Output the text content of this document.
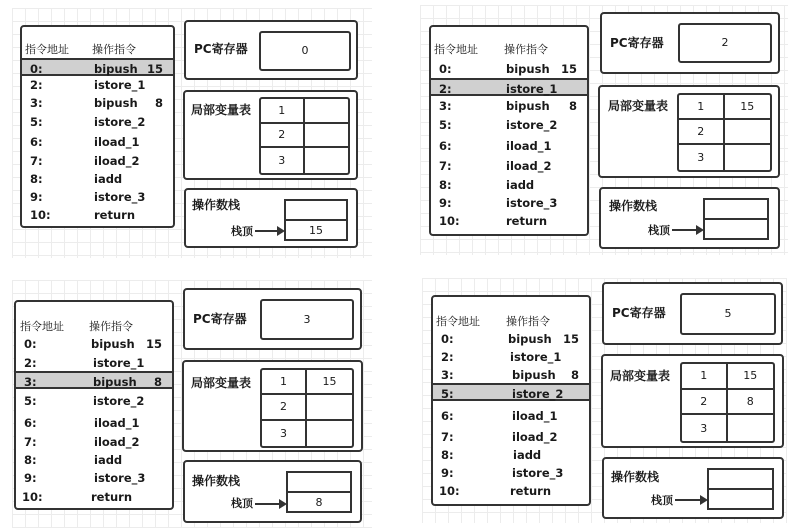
指令地址 操作指令
0:	bipush 15
2:	istore_1
3:	bipush 8
5:	istore_2
6:	iload_1
7:	iload_2
8:	iadd
9:	istore_3
10:	return
PC寄存器	0
局部变量表	1
2
3
操作数栈
15
栈顶
指令地址 操作指令
0:	bipush 15
2:	istore_1
3:	bipush 8
5:	istore_2
6:	iload_1
7:	iload_2
8:	iadd
9:	istore_3
10:	return
PC寄存器	2
局部变量表	1	15
2
3
操作数栈
栈顶
指令地址 操作指令
0:	bipush 15
2:	istore_1
3:	bipush 8
5:	istore_2
6:	iload_1
7:	iload_2
8:	iadd
9:	istore_3
10:	return
PC寄存器	3
局部变量表	1	15
2
3
操作数栈
8
栈顶
指令地址 操作指令
0:	bipush 15
2:	istore_1
3:	bipush 8
5:	istore_2
6:	iload_1
7:	iload_2
8:	iadd
9:	istore_3
10:	return
PC寄存器	5
局部变量表	1	15
2	8
3
操作数栈
栈顶
